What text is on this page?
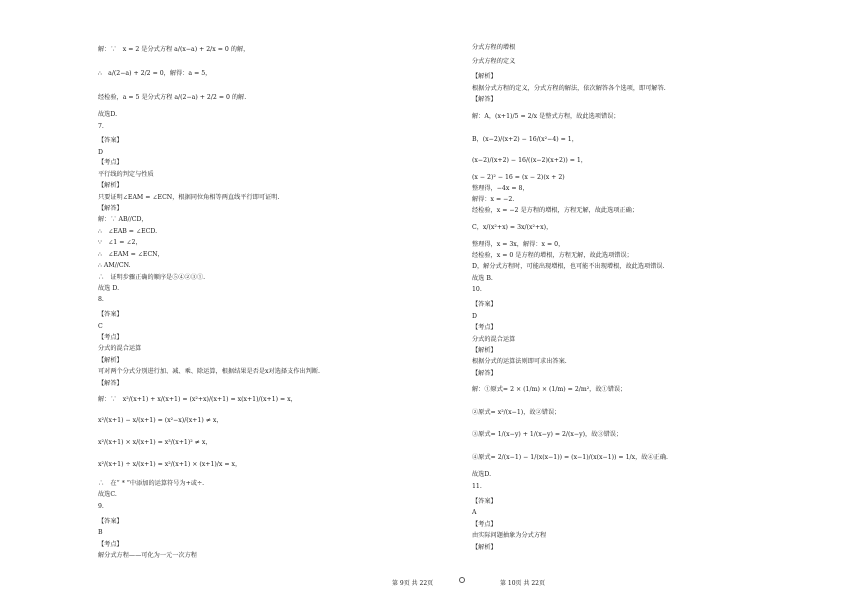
解：∵　x = 2 是分式方程 a/(x−a) + 2/x = 0 的解，
∴　a/(2−a) + 2/2 = 0，解得：a = 5，
经检验，a = 5 是分式方程 a/(2−a) + 2/2 = 0 的解.
故选D.
7.
【答案】
D
【考点】
平行线的判定与性质
【解析】
只要证明∠EAM = ∠ECN，根据同位角相等两直线平行即可证明.
【解答】
解：∵ AB//CD，
∴　∠EAB = ∠ECD.
∵　∠1 = ∠2，
∴　∠EAM = ∠ECN，
∴ AM//CN.
∴　证明步骤正确的顺序是⑤④②③①.
故选 D.
8.
【答案】
C
【考点】
分式的混合运算
【解析】
可对两个分式分别进行加、减、乘、除运算，根据结果是否是x对选择支作出判断.
【解答】
解：∵　x²/(x+1) + x/(x+1) = (x²+x)/(x+1) = x(x+1)/(x+1) = x，
x²/(x+1) − x/(x+1) = (x²−x)/(x+1) ≠ x，
x²/(x+1) × x/(x+1) = x³/(x+1)² ≠ x，
x²/(x+1) ÷ x/(x+1) = x²/(x+1) × (x+1)/x = x，
∴　在“ * ”中添加的运算符号为+或÷.
故选C.
9.
【答案】
B
【考点】
解分式方程——可化为一元一次方程
分式方程的增根
分式方程的定义
【解析】
根据分式方程的定义，分式方程的解法，依次解答各个选项，即可解答.
【解答】
解：A，(x+1)/5 = 2/x 是整式方程，故此选项错误；
B，(x−2)/(x+2) − 16/(x²−4) = 1，
(x−2)/(x+2) − 16/((x−2)(x+2)) = 1，
(x − 2)² − 16 = (x − 2)(x + 2)
整理得，−4x = 8，
解得：x = −2.
经检验，x = −2 是方程的增根，方程无解，故此选项正确；
C，x/(x²+x) = 3x/(x²+x)，
整理得，x = 3x，解得：x = 0，
经检验，x = 0 是方程的增根，方程无解，故此选项错误；
D，解分式方程时，可能出现增根，也可能不出现增根，故此选项错误.
故选 B.
10.
【答案】
D
【考点】
分式的混合运算
【解析】
根据分式的运算法则即可求出答案.
【解答】
解：①原式= 2 × (1/m) × (1/m) = 2/m²，故①错误；
②原式= x²/(x−1)，故②错误；
③原式= 1/(x−y) + 1/(x−y) = 2/(x−y)，故③错误；
④原式= 2/(x−1) − 1/(x(x−1)) = (x−1)/(x(x−1)) = 1/x，故④正确.
故选D.
11.
【答案】
A
【考点】
由实际问题抽象为分式方程
【解析】
第 9页 共 22页	第 10页 共 22页
